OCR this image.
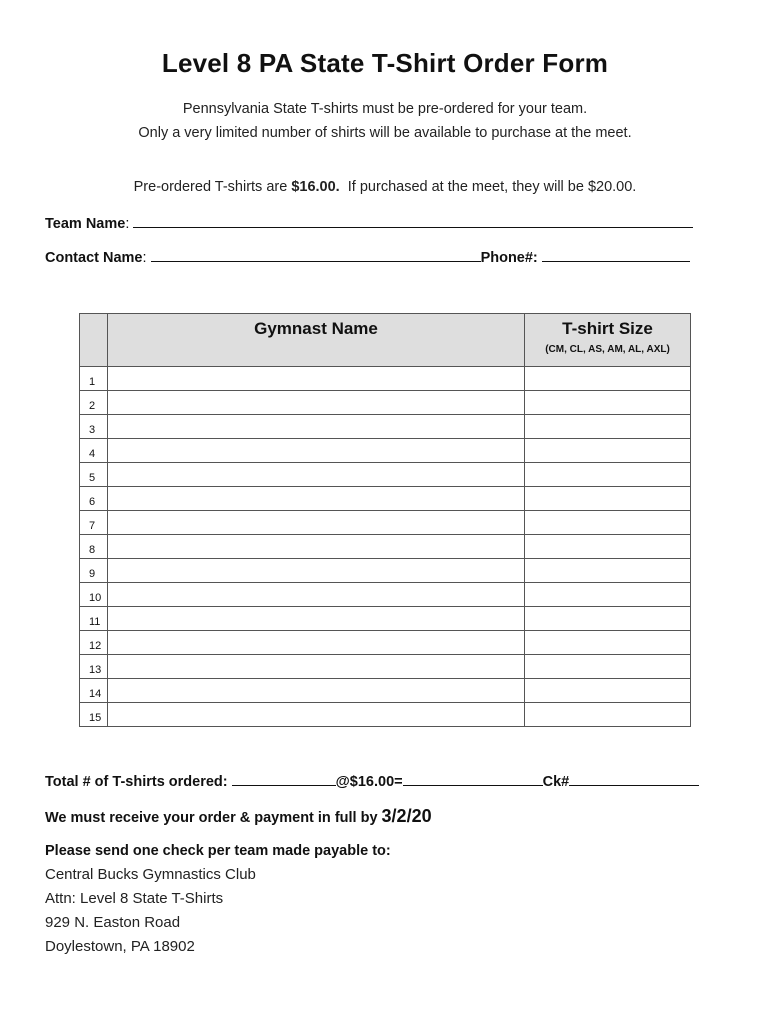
Level 8 PA State T-Shirt Order Form
Pennsylvania State T-shirts must be pre-ordered for your team.
Only a very limited number of shirts will be available to purchase at the meet.
Pre-ordered T-shirts are $16.00.  If purchased at the meet, they will be $20.00.
Team Name:
Contact Name:	Phone#:
	Gymnast Name	T-shirt Size
(CM, CL, AS, AM, AL, AXL)

1		
2		
3		
4		
5		
6		
7		
8		
9		
10		
11		
12		
13		
14		
15		
Total # of T-shirts ordered:	@$16.00=	Ck#
We must receive your order & payment in full by 3/2/20
Please send one check per team made payable to:
Central Bucks Gymnastics Club
Attn: Level 8 State T-Shirts
929 N. Easton Road
Doylestown, PA 18902
